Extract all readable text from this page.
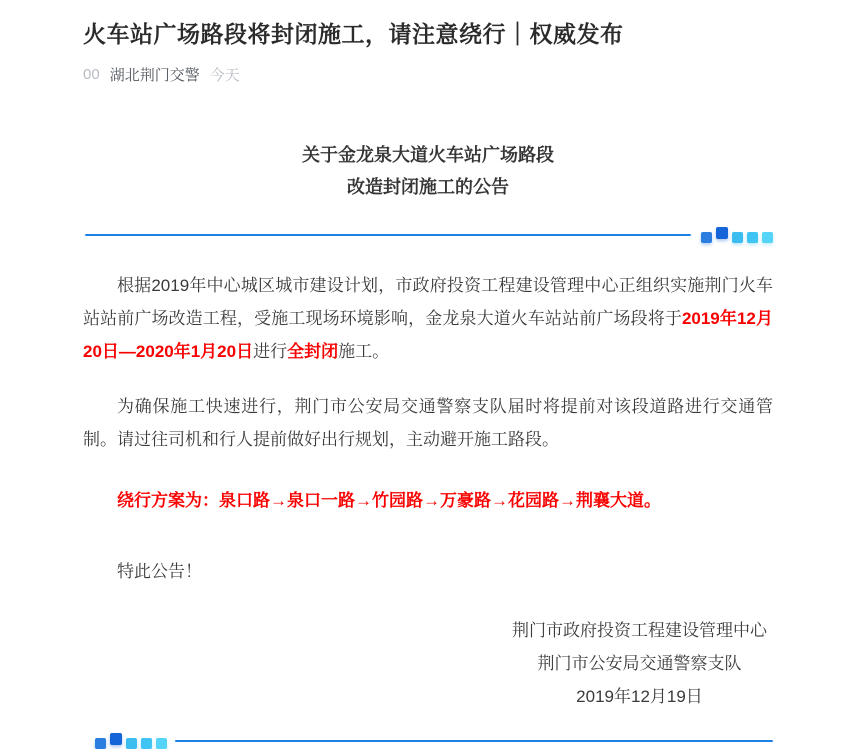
火车站广场路段将封闭施工，请注意绕行｜权威发布
00 湖北荆门交警 今天
关于金龙泉大道火车站广场路段
改造封闭施工的公告

根据2019年中心城区城市建设计划，市政府投资工程建设管理中心正组织实施荆门火车站站前广场改造工程，受施工现场环境影响，金龙泉大道火车站站前广场段将于2019年12月20日—2020年1月20日进行全封闭施工。

为确保施工快速进行，荆门市公安局交通警察支队届时将提前对该段道路进行交通管制。请过往司机和行人提前做好出行规划，主动避开施工路段。

绕行方案为：泉口路→泉口一路→竹园路→万豪路→花园路→荆襄大道。

特此公告！

荆门市政府投资工程建设管理中心
荆门市公安局交通警察支队
2019年12月19日
